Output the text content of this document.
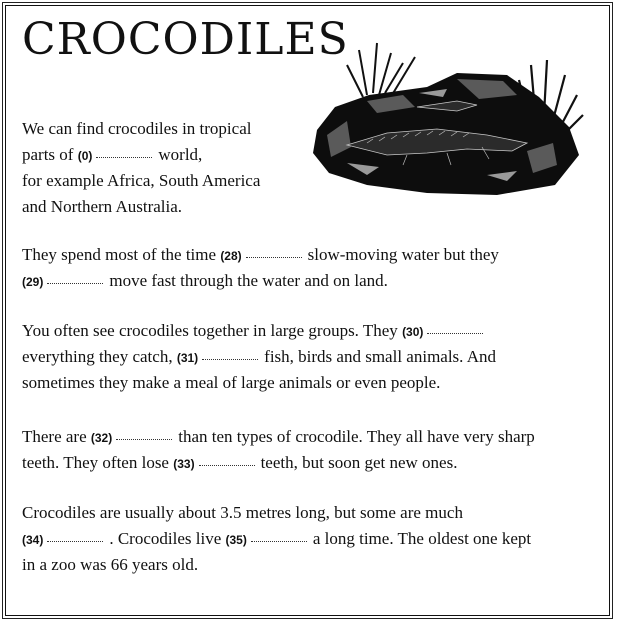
CROCODILES

We can find crocodiles in tropical

parts of (0)	world,

for example Africa, South America

and Northern Australia.

They spend most of the time (28)	slow-moving water but they

(29)	move fast through the water and on land.

You often see crocodiles together in large groups. They (30)

everything they catch, (31)	fish, birds and small animals. And

sometimes they make a meal of large animals or even people.

There are (32)	than ten types of crocodile. They all have very sharp

teeth. They often lose (33)	teeth, but soon get new ones.

Crocodiles are usually about 3.5 metres long, but some are much

(34)	. Crocodiles live (35)	a long time. The oldest one kept

in a zoo was 66 years old.
